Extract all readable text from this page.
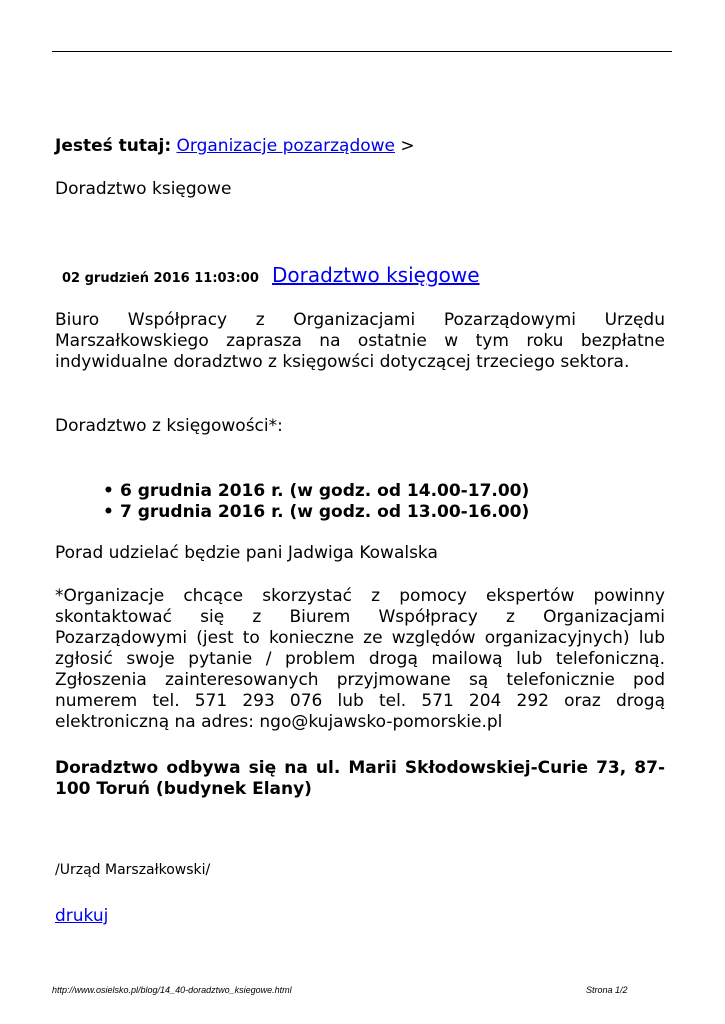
Jesteś tutaj: Organizacje pozarządowe >
Doradztwo księgowe
02 grudzień 2016 11:03:00 Doradztwo księgowe

Biuro Współpracy z Organizacjami Pozarządowymi Urzędu Marszałkowskiego zaprasza na ostatnie w tym roku bezpłatne indywidualne doradztwo z księgowści dotyczącej trzeciego sektora.

Doradztwo z księgowości*:

• 6 grudnia 2016 r. (w godz. od 14.00-17.00)
• 7 grudnia 2016 r. (w godz. od 13.00-16.00)

Porad udzielać będzie pani Jadwiga Kowalska

*Organizacje chcące skorzystać z pomocy ekspertów powinny skontaktować się z Biurem Współpracy z Organizacjami Pozarządowymi (jest to konieczne ze względów organizacyjnych) lub zgłosić swoje pytanie / problem drogą mailową lub telefoniczną. Zgłoszenia zainteresowanych przyjmowane są telefonicznie pod numerem tel. 571 293 076 lub tel. 571 204 292 oraz drogą elektroniczną na adres: ngo@kujawsko-pomorskie.pl

Doradztwo odbywa się na ul. Marii Skłodowskiej-Curie 73, 87-100 Toruń (budynek Elany)

/Urząd Marszałkowski/
drukuj
http://www.osielsko.pl/blog/14_40-doradztwo_ksiegowe.html	Strona 1/2
